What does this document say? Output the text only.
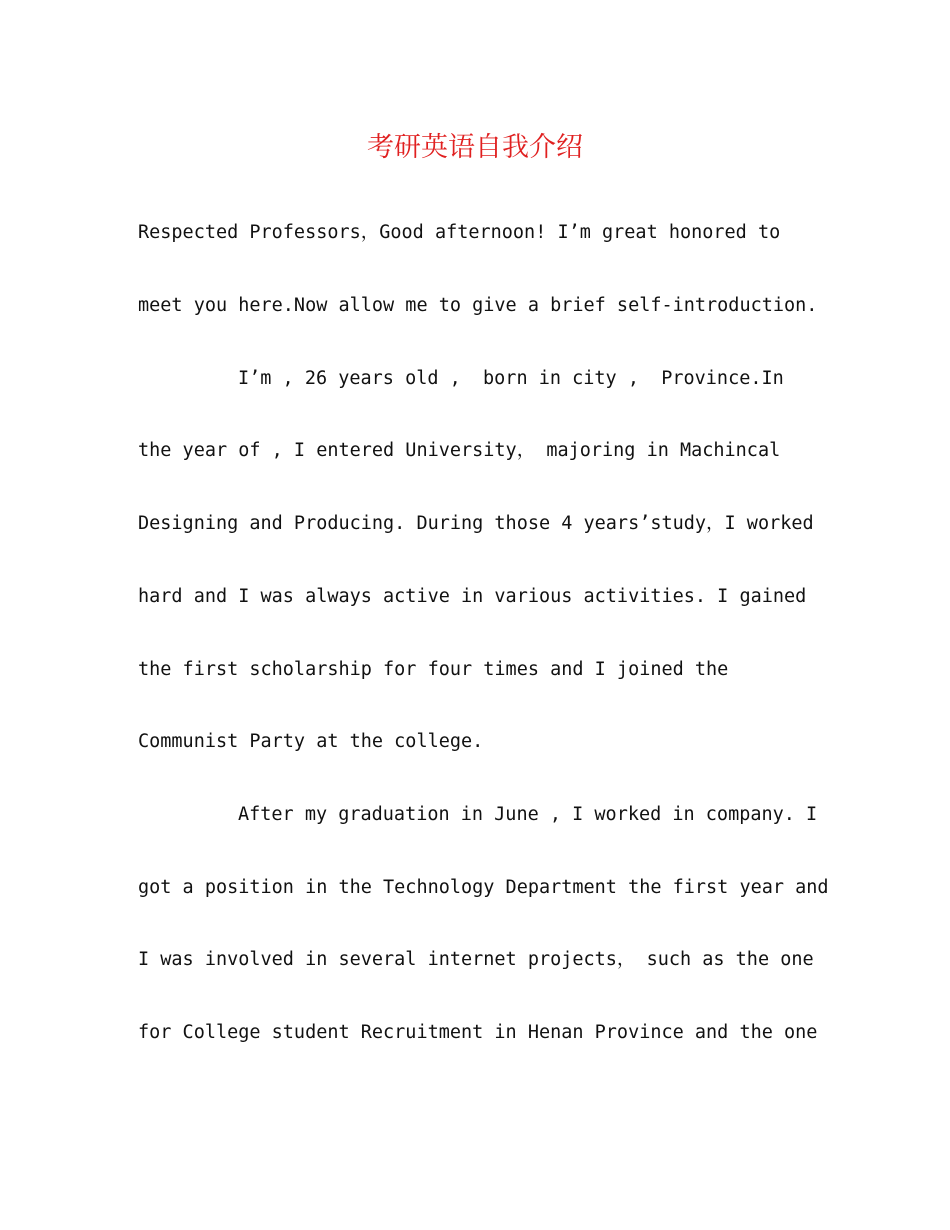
考研英语自我介绍
Respected Professors，Good afternoon! I’m great honored to
meet you here.Now allow me to give a brief self-introduction.
I’m , 26 years old ,  born in city ,  Province.In
the year of , I entered University， majoring in Machincal
Designing and Producing. During those 4 years’study，I worked
hard and I was always active in various activities. I gained
the first scholarship for four times and I joined the
Communist Party at the college.
After my graduation in June , I worked in company. I
got a position in the Technology Department the first year and
I was involved in several internet projects， such as the one
for College student Recruitment in Henan Province and the one
